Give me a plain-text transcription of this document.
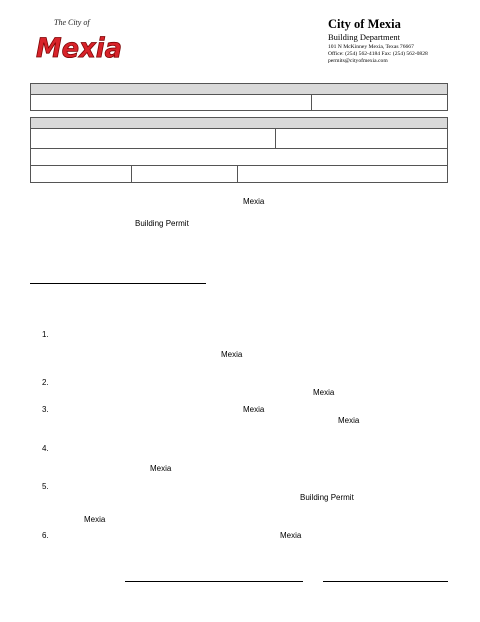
The City of
Mexia
City of Mexia
Building Department
101 N McKinney Mexia, Texas 76667
Office: (254) 562-4184 Fax: (254) 562-0828
permits@cityofmexia.com
Mexia
Building Permit
1.
Mexia
2.
Mexia
3.	Mexia
Mexia
4.
Mexia
5.
Building Permit
Mexia
6.	Mexia
